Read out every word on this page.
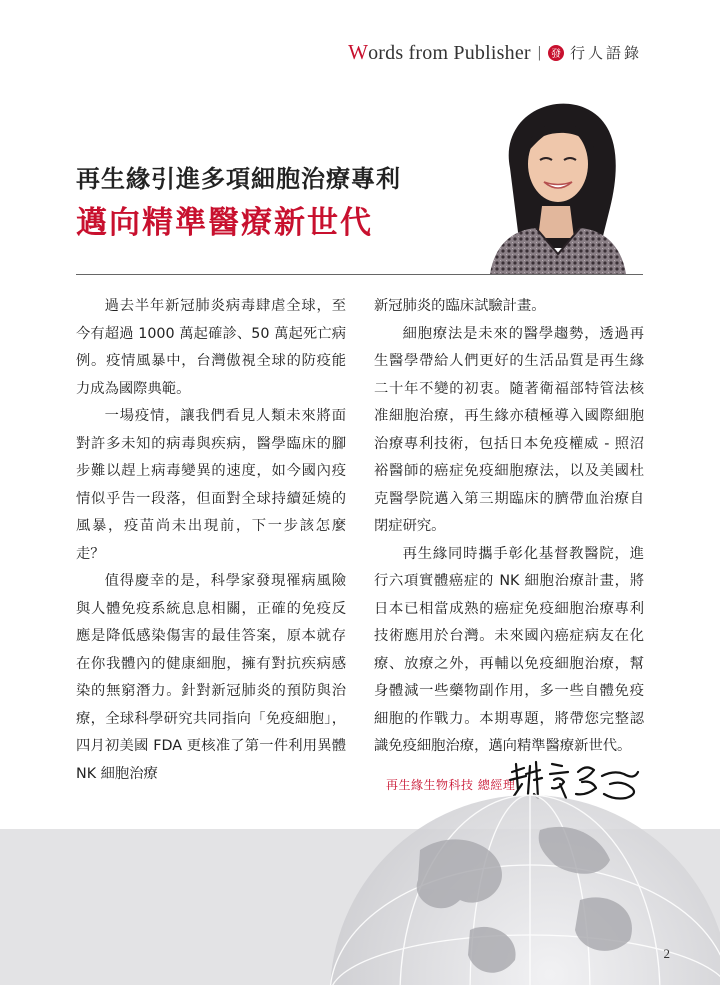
Words from Publisher |	發 行人語錄
再生緣引進多項細胞治療專利
邁向精準醫療新世代

過去半年新冠肺炎病毒肆虐全球，至今有超過 1000 萬起確診、50 萬起死亡病例。疫情風暴中，台灣傲視全球的防疫能力成為國際典範。

一場疫情，讓我們看見人類未來將面對許多未知的病毒與疾病，醫學臨床的腳步難以趕上病毒變異的速度，如今國內疫情似乎告一段落，但面對全球持續延燒的風暴，疫苗尚未出現前，下一步該怎麼走？

值得慶幸的是，科學家發現罹病風險與人體免疫系統息息相關，正確的免疫反應是降低感染傷害的最佳答案，原本就存在你我體內的健康細胞，擁有對抗疾病感染的無窮潛力。針對新冠肺炎的預防與治療，全球科學研究共同指向「免疫細胞」，四月初美國 FDA 更核准了第一件利用異體 NK 細胞治療

新冠肺炎的臨床試驗計畫。

細胞療法是未來的醫學趨勢，透過再生醫學帶給人們更好的生活品質是再生緣二十年不變的初衷。隨著衛福部特管法核准細胞治療，再生緣亦積極導入國際細胞治療專利技術，包括日本免疫權威 - 照沼裕醫師的癌症免疫細胞療法，以及美國杜克醫學院邁入第三期臨床的臍帶血治療自閉症研究。

再生緣同時攜手彰化基督教醫院，進行六項實體癌症的 NK 細胞治療計畫，將日本已相當成熟的癌症免疫細胞治療專利技術應用於台灣。未來國內癌症病友在化療、放療之外，再輔以免疫細胞治療，幫身體減一些藥物副作用，多一些自體免疫細胞的作戰力。本期專題，將帶您完整認識免疫細胞治療，邁向精準醫療新世代。

再生緣生物科技 總經理
2
